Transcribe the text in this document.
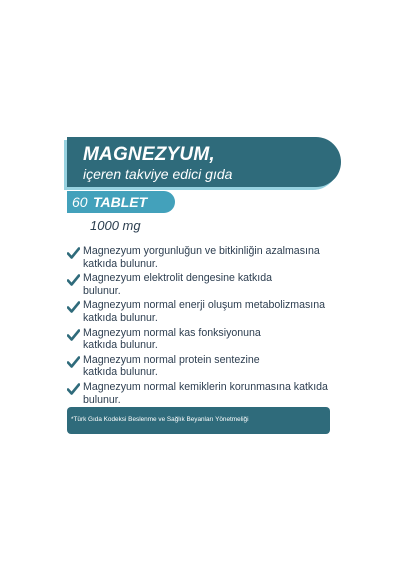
MAGNEZYUM,
içeren takviye edici gıda
60 TABLET
1000 mg
Magnezyum yorgunluğun ve bitkinliğin azalmasına
katkıda bulunur.
Magnezyum elektrolit dengesine katkıda
bulunur.
Magnezyum normal enerji oluşum metabolizmasına
katkıda bulunur.
Magnezyum normal kas fonksiyonuna
katkıda bulunur.
Magnezyum normal protein sentezine
katkıda bulunur.
Magnezyum normal kemiklerin korunmasına katkıda
bulunur.
*Türk Gıda Kodeksi Beslenme ve Sağlık Beyanları Yönetmeliği
